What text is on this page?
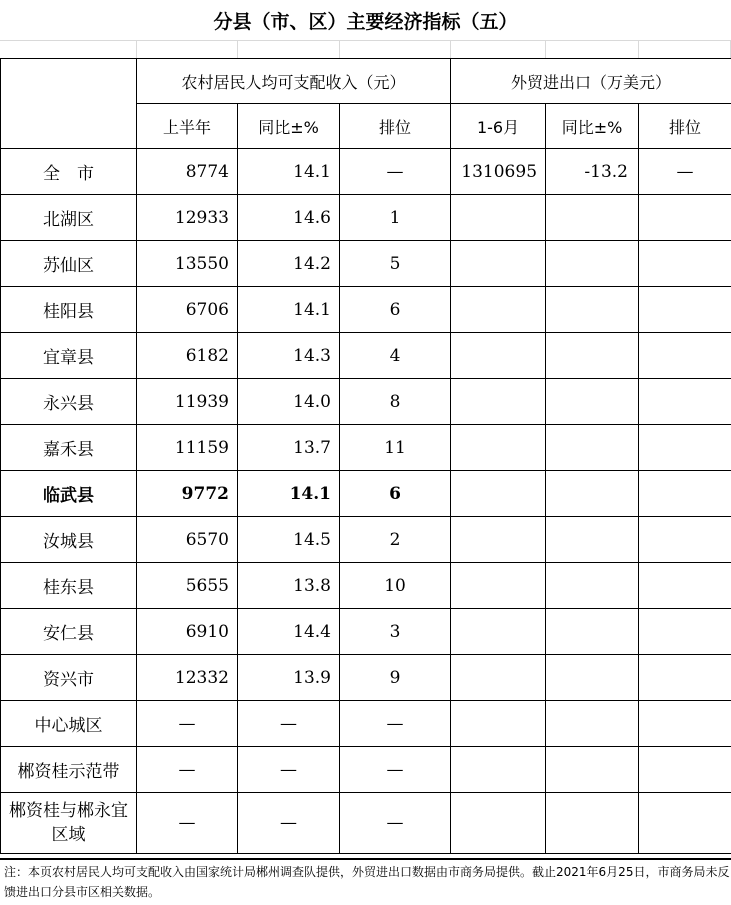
分县（市、区）主要经济指标（五）
	农村居民人均可支配收入（元）			外贸进出口（万美元）		
	上半年	同比±%	排位	1-6月	同比±%	排位
全　市	8774	14.1	—	1310695	-13.2	—
北湖区	12933	14.6	1			
苏仙区	13550	14.2	5			
桂阳县	6706	14.1	6			
宜章县	6182	14.3	4			
永兴县	11939	14.0	8			
嘉禾县	11159	13.7	11			
临武县	9772	14.1	6			
汝城县	6570	14.5	2			
桂东县	5655	13.8	10			
安仁县	6910	14.4	3			
资兴市	12332	13.9	9			
中心城区	—	—	—			
郴资桂示范带	—	—	—			
郴资桂与郴永宜区域	—	—	—			
注：本页农村居民人均可支配收入由国家统计局郴州调查队提供，外贸进出口数据由市商务局提供。截止2021年6月25日，市商务局未反馈进出口分县市区相关数据。
